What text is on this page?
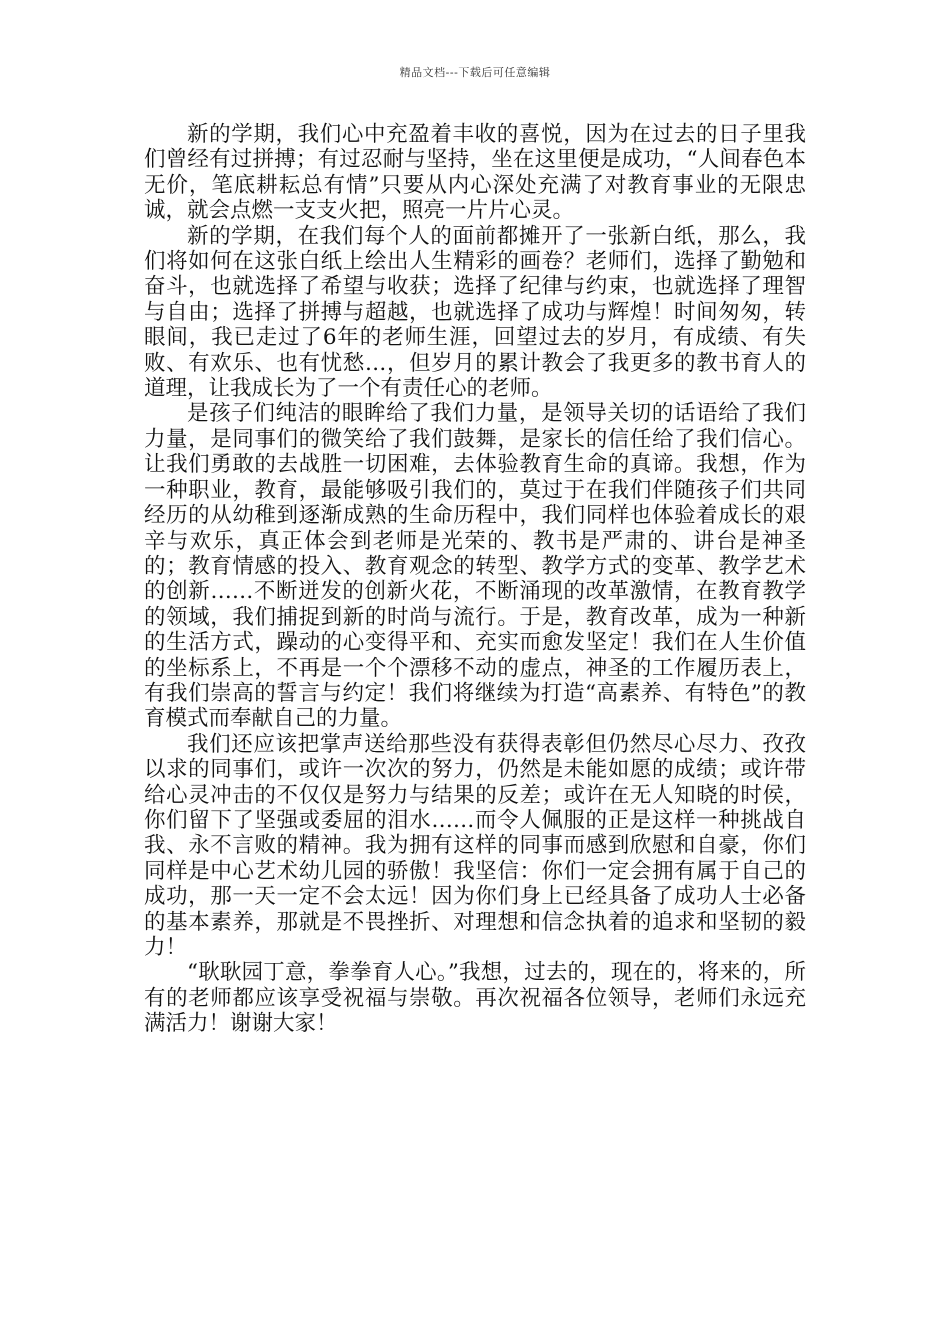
精品文档---下载后可任意编辑

新的学期，我们心中充盈着丰收的喜悦，因为在过去的日子里我们曾经有过拼搏；有过忍耐与坚持，坐在这里便是成功，“人间春色本无价，笔底耕耘总有情”只要从内心深处充满了对教育事业的无限忠诚，就会点燃一支支火把，照亮一片片心灵。

新的学期，在我们每个人的面前都摊开了一张新白纸，那么，我们将如何在这张白纸上绘出人生精彩的画卷？老师们，选择了勤勉和奋斗，也就选择了希望与收获；选择了纪律与约束，也就选择了理智与自由；选择了拼搏与超越，也就选择了成功与辉煌！时间匆匆，转眼间，我已走过了6年的老师生涯，回望过去的岁月，有成绩、有失败、有欢乐、也有忧愁…，但岁月的累计教会了我更多的教书育人的道理，让我成长为了一个有责任心的老师。

是孩子们纯洁的眼眸给了我们力量，是领导关切的话语给了我们力量，是同事们的微笑给了我们鼓舞，是家长的信任给了我们信心。让我们勇敢的去战胜一切困难，去体验教育生命的真谛。我想，作为一种职业，教育，最能够吸引我们的，莫过于在我们伴随孩子们共同经历的从幼稚到逐渐成熟的生命历程中，我们同样也体验着成长的艰辛与欢乐，真正体会到老师是光荣的、教书是严肃的、讲台是神圣的；教育情感的投入、教育观念的转型、教学方式的变革、教学艺术的创新……不断迸发的创新火花，不断涌现的改革激情，在教育教学的领域，我们捕捉到新的时尚与流行。于是，教育改革，成为一种新的生活方式，躁动的心变得平和、充实而愈发坚定！我们在人生价值的坐标系上，不再是一个个漂移不动的虚点，神圣的工作履历表上，有我们崇高的誓言与约定！我们将继续为打造“高素养、有特色”的教育模式而奉献自己的力量。

我们还应该把掌声送给那些没有获得表彰但仍然尽心尽力、孜孜以求的同事们，或许一次次的努力，仍然是未能如愿的成绩；或许带给心灵冲击的不仅仅是努力与结果的反差；或许在无人知晓的时侯，你们留下了坚强或委屈的泪水……而令人佩服的正是这样一种挑战自我、永不言败的精神。我为拥有这样的同事而感到欣慰和自豪，你们同样是中心艺术幼儿园的骄傲！我坚信：你们一定会拥有属于自己的成功，那一天一定不会太远！因为你们身上已经具备了成功人士必备的基本素养，那就是不畏挫折、对理想和信念执着的追求和坚韧的毅力！

“耿耿园丁意，拳拳育人心。”我想，过去的，现在的，将来的，所有的老师都应该享受祝福与崇敬。再次祝福各位领导，老师们永远充满活力！谢谢大家！
